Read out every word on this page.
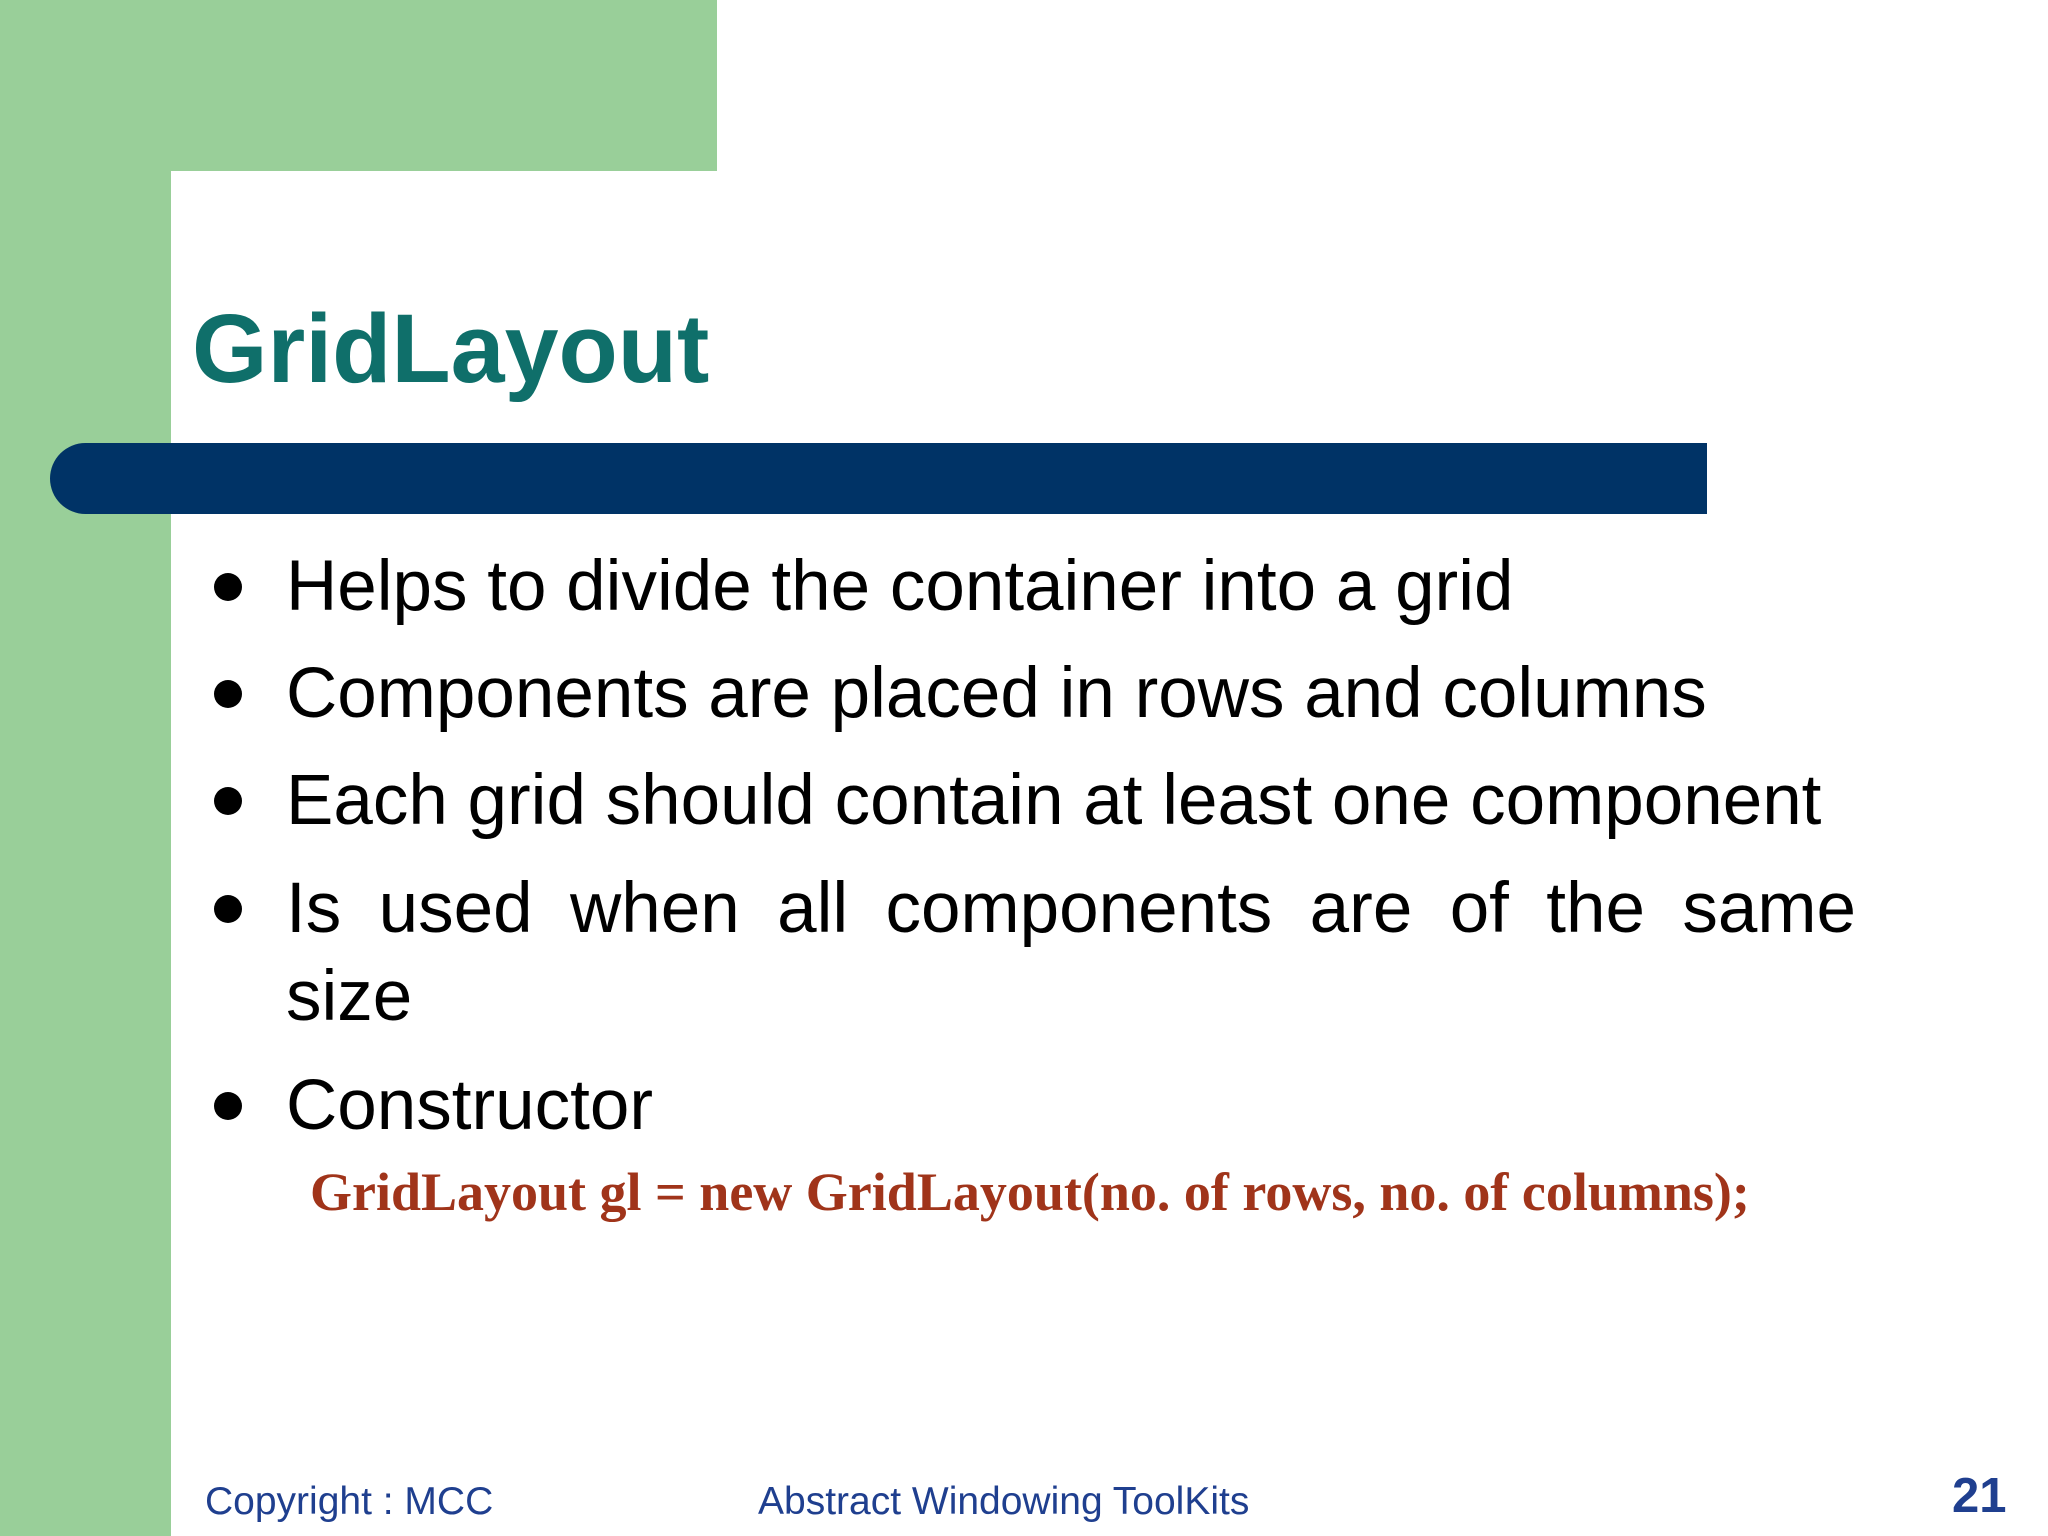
GridLayout
Helps to divide the container into a grid
Components are placed in rows and columns
Each grid should contain at least one component
Is used when all components are of the same size
Constructor
GridLayout gl = new GridLayout(no. of rows, no. of columns);
Copyright : MCC	Abstract Windowing ToolKits	21
